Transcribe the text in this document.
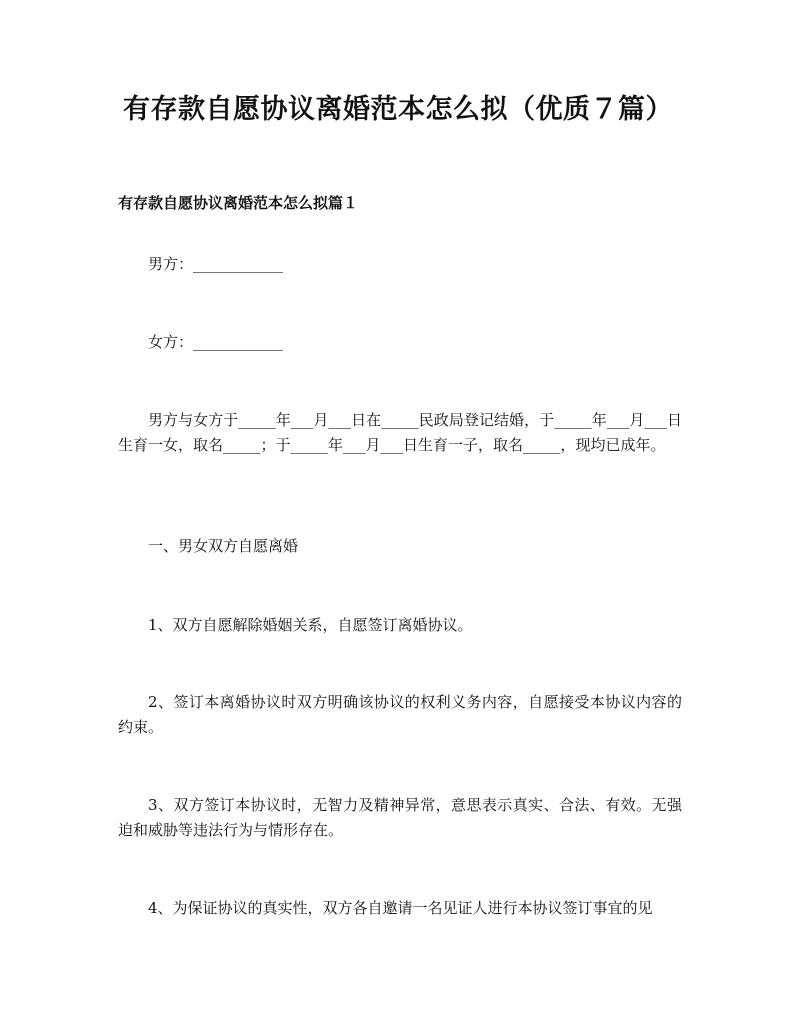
有存款自愿协议离婚范本怎么拟（优质７篇）
有存款自愿协议离婚范本怎么拟篇１

男方：____________

女方：____________

男方与女方于_____年___月___日在_____民政局登记结婚，于_____年___月___日生育一女，取名_____；于_____年___月___日生育一子，取名_____，现均已成年。

一、男女双方自愿离婚

1、双方自愿解除婚姻关系，自愿签订离婚协议。

2、签订本离婚协议时双方明确该协议的权利义务内容，自愿接受本协议内容的约束。

3、双方签订本协议时，无智力及精神异常，意思表示真实、合法、有效。无强迫和威胁等违法行为与情形存在。

4、为保证协议的真实性，双方各自邀请一名见证人进行本协议签订事宜的见
